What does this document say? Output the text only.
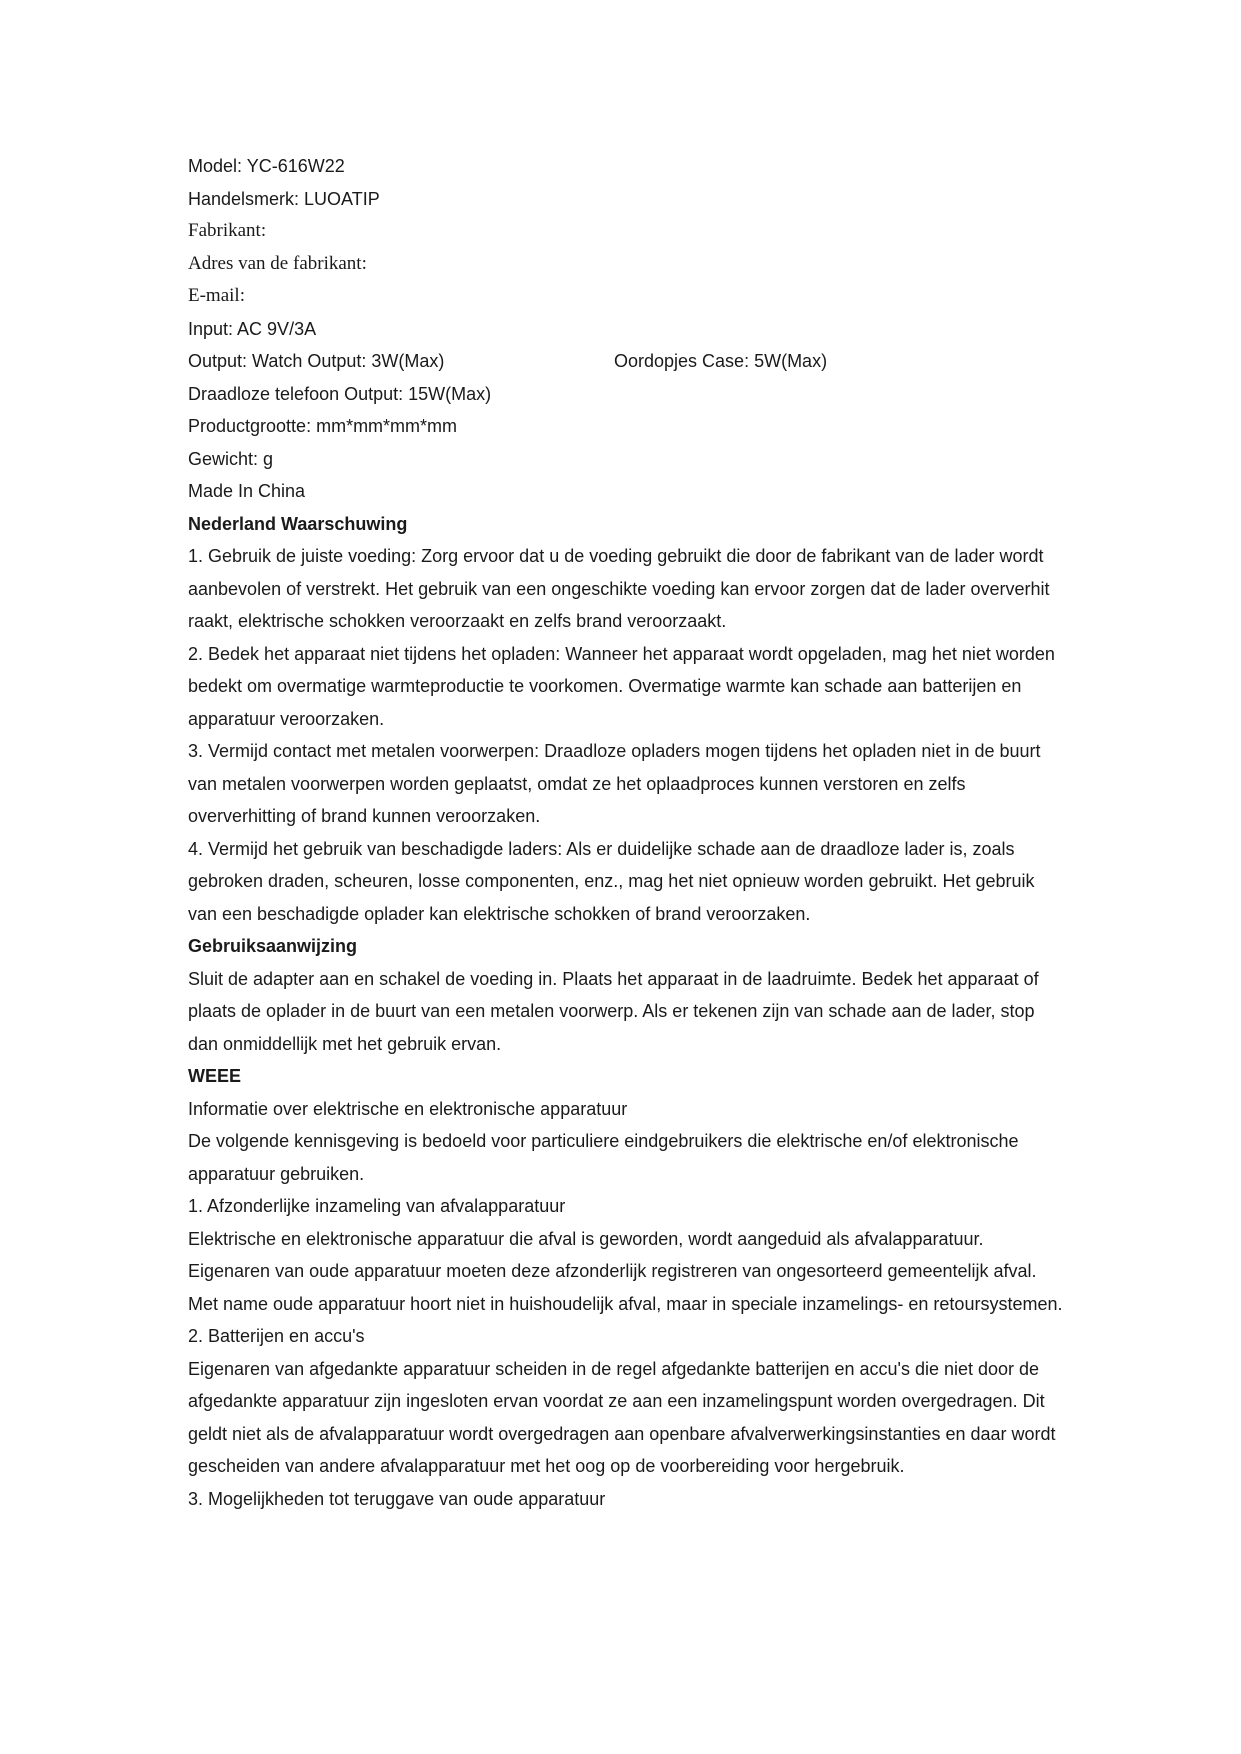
Model: YC-616W22
Handelsmerk: LUOATIP
Fabrikant:
Adres van de fabrikant:
E-mail:
Input: AC 9V/3A
Output: Watch Output: 3W(Max)	Oordopjes Case: 5W(Max)
Draadloze telefoon Output: 15W(Max)
Productgrootte: mm*mm*mm*mm
Gewicht: g
Made In China
Nederland Waarschuwing
1. Gebruik de juiste voeding: Zorg ervoor dat u de voeding gebruikt die door de fabrikant van de lader wordt aanbevolen of verstrekt. Het gebruik van een ongeschikte voeding kan ervoor zorgen dat de lader oververhit raakt, elektrische schokken veroorzaakt en zelfs brand veroorzaakt.
2. Bedek het apparaat niet tijdens het opladen: Wanneer het apparaat wordt opgeladen, mag het niet worden bedekt om overmatige warmteproductie te voorkomen. Overmatige warmte kan schade aan batterijen en apparatuur veroorzaken.
3. Vermijd contact met metalen voorwerpen: Draadloze opladers mogen tijdens het opladen niet in de buurt van metalen voorwerpen worden geplaatst, omdat ze het oplaadproces kunnen verstoren en zelfs oververhitting of brand kunnen veroorzaken.
4. Vermijd het gebruik van beschadigde laders: Als er duidelijke schade aan de draadloze lader is, zoals gebroken draden, scheuren, losse componenten, enz., mag het niet opnieuw worden gebruikt. Het gebruik van een beschadigde oplader kan elektrische schokken of brand veroorzaken.
Gebruiksaanwijzing
Sluit de adapter aan en schakel de voeding in. Plaats het apparaat in de laadruimte. Bedek het apparaat of plaats de oplader in de buurt van een metalen voorwerp. Als er tekenen zijn van schade aan de lader, stop dan onmiddellijk met het gebruik ervan.
WEEE
Informatie over elektrische en elektronische apparatuur
De volgende kennisgeving is bedoeld voor particuliere eindgebruikers die elektrische en/of elektronische apparatuur gebruiken.
1. Afzonderlijke inzameling van afvalapparatuur
Elektrische en elektronische apparatuur die afval is geworden, wordt aangeduid als afvalapparatuur. Eigenaren van oude apparatuur moeten deze afzonderlijk registreren van ongesorteerd gemeentelijk afval. Met name oude apparatuur hoort niet in huishoudelijk afval, maar in speciale inzamelings- en retoursystemen.
2. Batterijen en accu's
Eigenaren van afgedankte apparatuur scheiden in de regel afgedankte batterijen en accu's die niet door de afgedankte apparatuur zijn ingesloten ervan voordat ze aan een inzamelingspunt worden overgedragen. Dit geldt niet als de afvalapparatuur wordt overgedragen aan openbare afvalverwerkingsinstanties en daar wordt gescheiden van andere afvalapparatuur met het oog op de voorbereiding voor hergebruik.
3. Mogelijkheden tot teruggave van oude apparatuur
